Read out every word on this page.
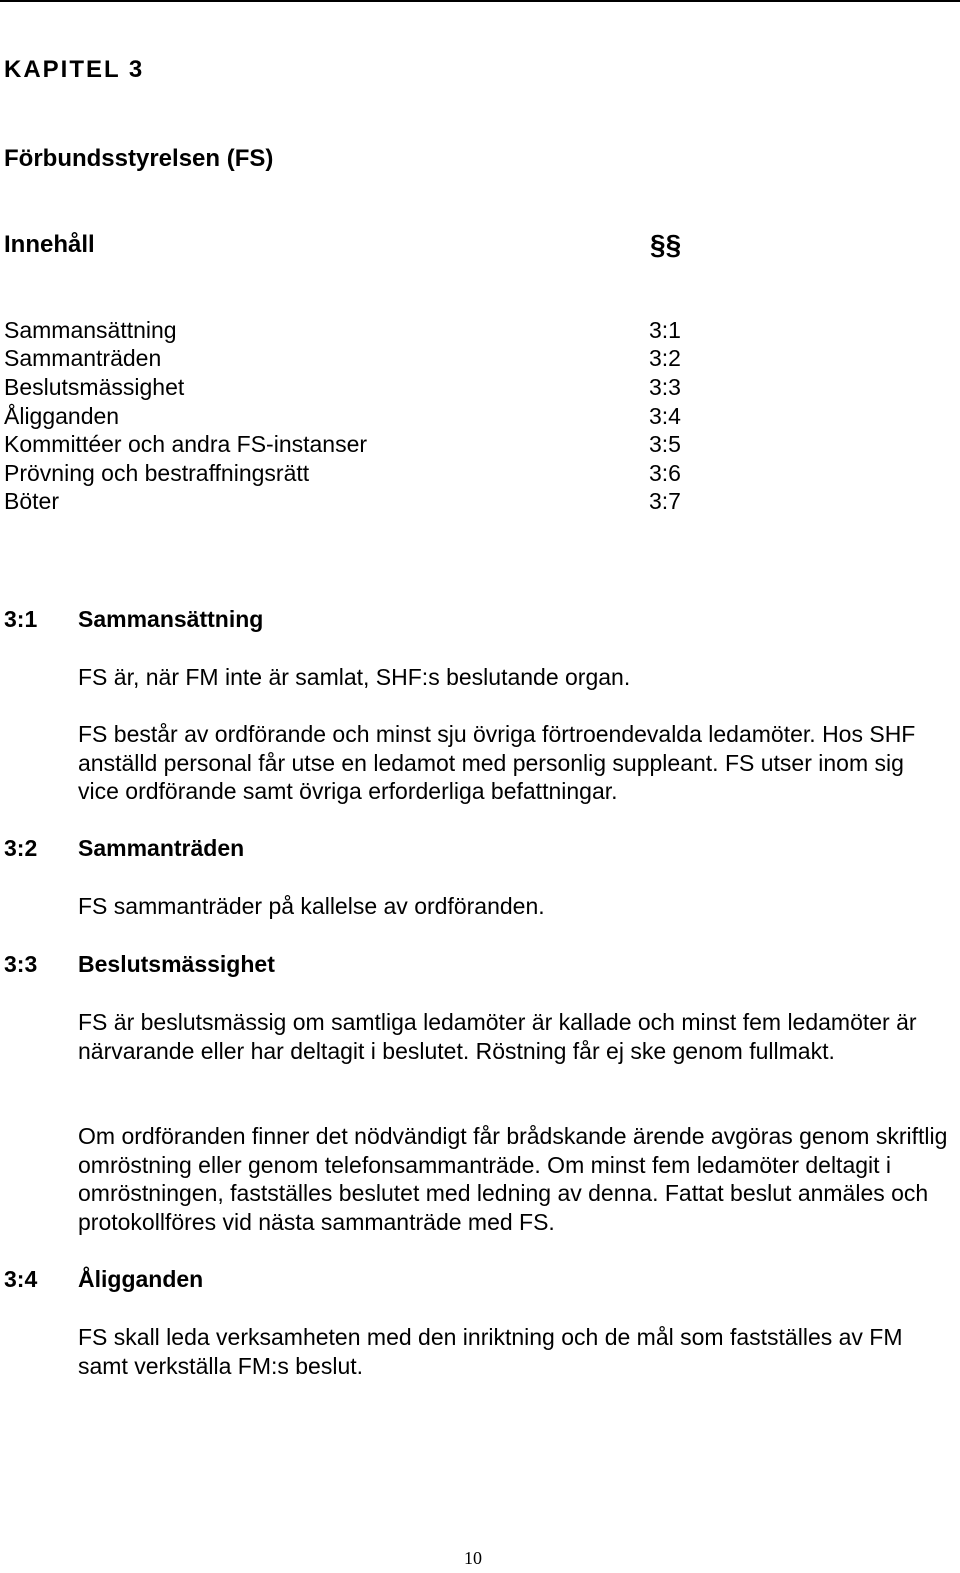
KAPITEL 3
Förbundsstyrelsen (FS)
Innehåll	§§
Sammansättning	3:1
Sammanträden	3:2
Beslutsmässighet	3:3
Åligganden	3:4
Kommittéer och andra FS-instanser	3:5
Prövning och bestraffningsrätt	3:6
Böter	3:7
3:1 Sammansättning
FS är, när FM inte är samlat, SHF:s beslutande organ.
FS består av ordförande och minst sju övriga förtroendevalda ledamöter. Hos SHF anställd personal får utse en ledamot med personlig suppleant. FS utser inom sig vice ordförande samt övriga erforderliga befattningar.
3:2 Sammanträden
FS sammanträder på kallelse av ordföranden.
3:3 Beslutsmässighet
FS är beslutsmässig om samtliga ledamöter är kallade och minst fem ledamöter är närvarande eller har deltagit i beslutet. Röstning får ej ske genom fullmakt.
Om ordföranden finner det nödvändigt får brådskande ärende avgöras genom skriftlig omröstning eller genom telefonsammanträde. Om minst fem ledamöter deltagit i omröstningen, fastställes beslutet med ledning av denna. Fattat beslut anmäles och protokollföres vid nästa sammanträde med FS.
3:4 Åligganden
FS skall leda verksamheten med den inriktning och de mål som fastställes av FM samt verkställa FM:s beslut.
10
